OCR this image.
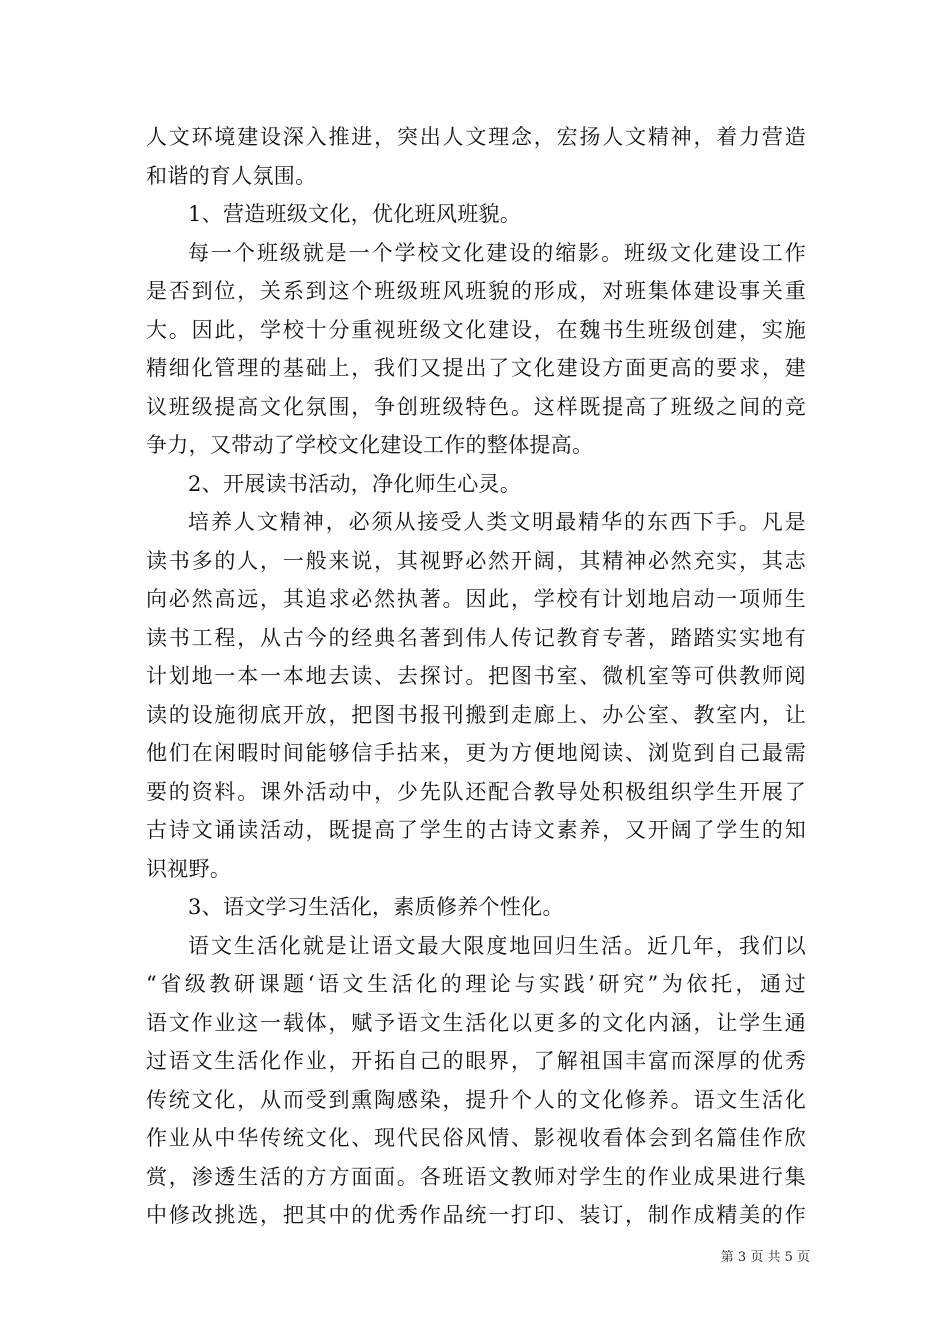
人文环境建设深入推进，突出人文理念，宏扬人文精神，着力营造
和谐的育人氛围。
1、营造班级文化，优化班风班貌。
每一个班级就是一个学校文化建设的缩影。班级文化建设工作
是否到位，关系到这个班级班风班貌的形成，对班集体建设事关重
大。因此，学校十分重视班级文化建设，在魏书生班级创建，实施
精细化管理的基础上，我们又提出了文化建设方面更高的要求，建
议班级提高文化氛围，争创班级特色。这样既提高了班级之间的竞
争力，又带动了学校文化建设工作的整体提高。
2、开展读书活动，净化师生心灵。
培养人文精神，必须从接受人类文明最精华的东西下手。凡是
读书多的人，一般来说，其视野必然开阔，其精神必然充实，其志
向必然高远，其追求必然执著。因此，学校有计划地启动一项师生
读书工程，从古今的经典名著到伟人传记教育专著，踏踏实实地有
计划地一本一本地去读、去探讨。把图书室、微机室等可供教师阅
读的设施彻底开放，把图书报刊搬到走廊上、办公室、教室内，让
他们在闲暇时间能够信手拈来，更为方便地阅读、浏览到自己最需
要的资料。课外活动中，少先队还配合教导处积极组织学生开展了
古诗文诵读活动，既提高了学生的古诗文素养，又开阔了学生的知
识视野。
3、语文学习生活化，素质修养个性化。
语文生活化就是让语文最大限度地回归生活。近几年，我们以
“省级教研课题‘语文生活化的理论与实践’研究”为依托，通过
语文作业这一载体，赋予语文生活化以更多的文化内涵，让学生通
过语文生活化作业，开拓自己的眼界，了解祖国丰富而深厚的优秀
传统文化，从而受到熏陶感染，提升个人的文化修养。语文生活化
作业从中华传统文化、现代民俗风情、影视收看体会到名篇佳作欣
赏，渗透生活的方方面面。各班语文教师对学生的作业成果进行集
中修改挑选，把其中的优秀作品统一打印、装订，制作成精美的作
第 3 页 共 5 页
